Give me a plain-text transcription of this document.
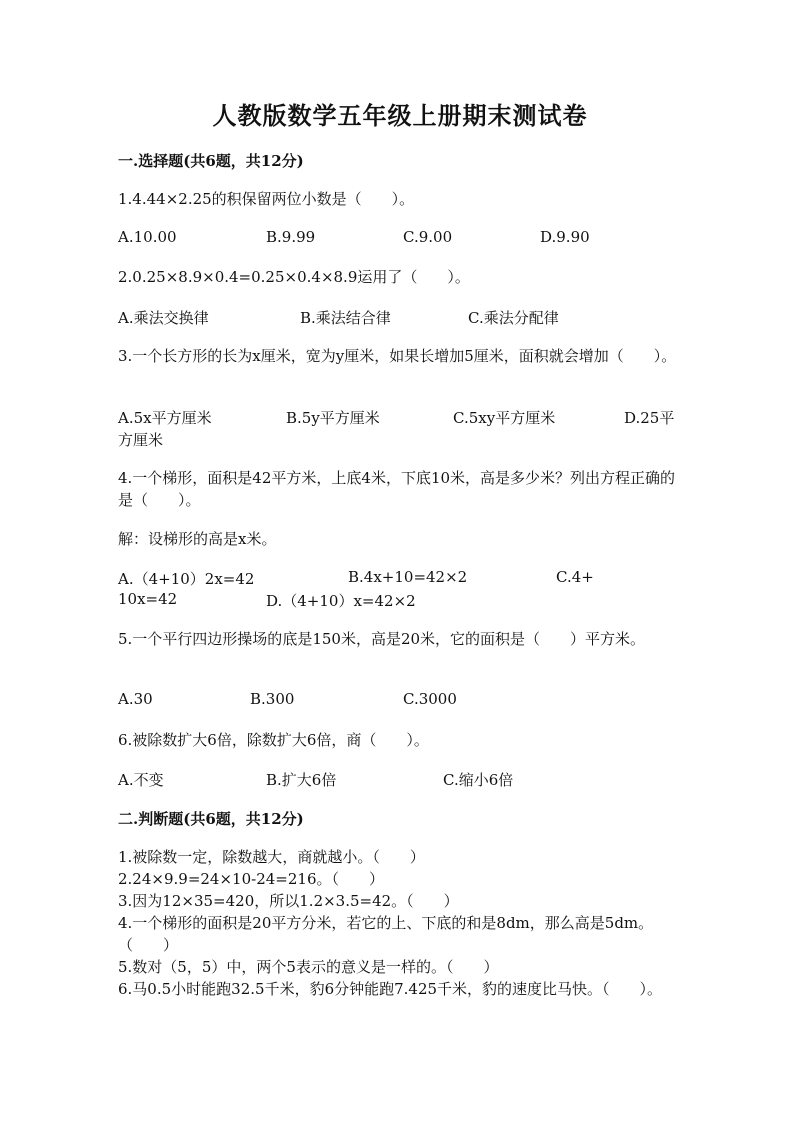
人教版数学五年级上册期末测试卷
一.选择题(共6题，共12分)
1.4.44×2.25的积保留两位小数是（　　）。
A.10.00	B.9.99	C.9.00	D.9.90
2.0.25×8.9×0.4=0.25×0.4×8.9运用了（　　）。
A.乘法交换律	B.乘法结合律	C.乘法分配律
3.一个长方形的长为x厘米，宽为y厘米，如果长增加5厘米，面积就会增加（　　）。
A.5x平方厘米	B.5y平方厘米	C.5xy平方厘米	D.25平
方厘米
4.一个梯形，面积是42平方米，上底4米，下底10米，高是多少米？列出方程正确的是（　　）。
解：设梯形的高是x米。
A.（4+10）2x=42	B.4x+10=42×2	C.4+
10x=42	D.（4+10）x=42×2
5.一个平行四边形操场的底是150米，高是20米，它的面积是（　　）平方米。
A.30	B.300	C.3000
6.被除数扩大6倍，除数扩大6倍，商（　　）。
A.不变	B.扩大6倍	C.缩小6倍
二.判断题(共6题，共12分)
1.被除数一定，除数越大，商就越小。（　　）
2.24×9.9=24×10-24=216。（　　）
3.因为12×35=420，所以1.2×3.5=42。（　　）
4.一个梯形的面积是20平方分米，若它的上、下底的和是8dm，那么高是5dm。（　　）
5.数对（5，5）中，两个5表示的意义是一样的。（　　）
6.马0.5小时能跑32.5千米，豹6分钟能跑7.425千米，豹的速度比马快。（　　）。
